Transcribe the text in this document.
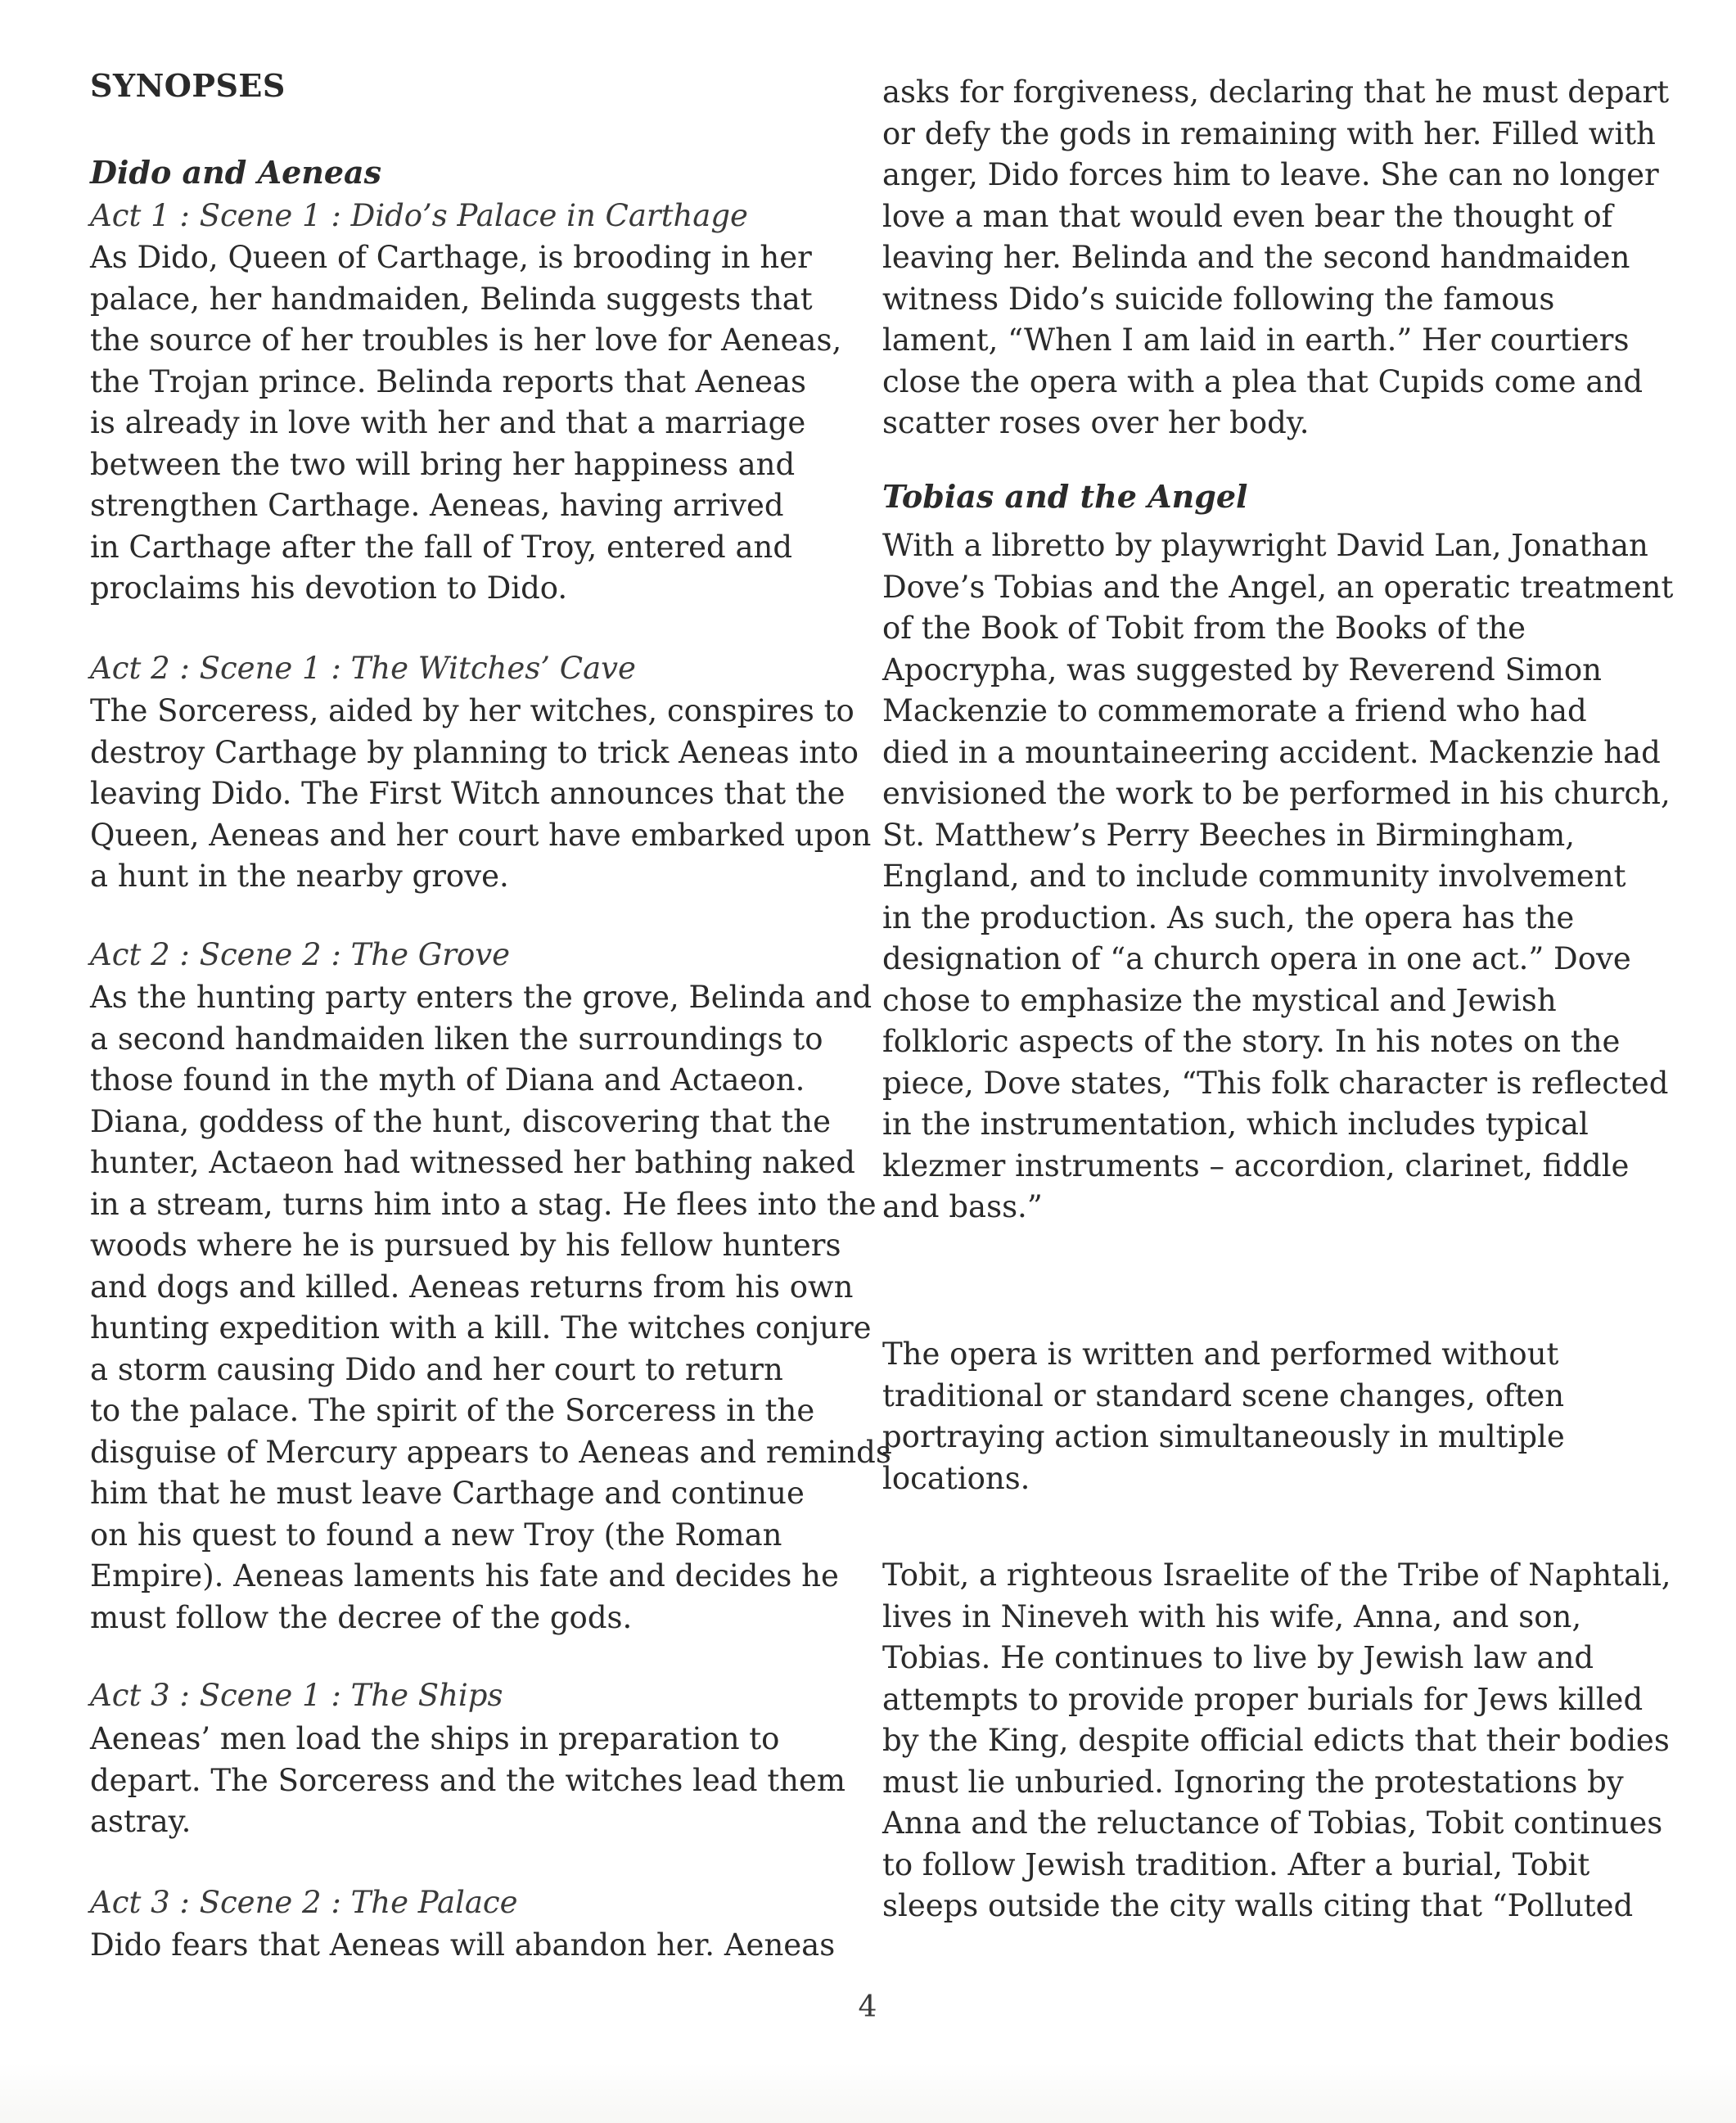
SYNOPSES
Dido and Aeneas
Act 1 : Scene 1 : Dido’s Palace in Carthage
As Dido, Queen of Carthage, is brooding in her
palace, her handmaiden, Belinda suggests that
the source of her troubles is her love for Aeneas,
the Trojan prince. Belinda reports that Aeneas
is already in love with her and that a marriage
between the two will bring her happiness and
strengthen Carthage. Aeneas, having arrived
in Carthage after the fall of Troy, entered and
proclaims his devotion to Dido.
Act 2 : Scene 1 : The Witches’ Cave
The Sorceress, aided by her witches, conspires to
destroy Carthage by planning to trick Aeneas into
leaving Dido. The First Witch announces that the
Queen, Aeneas and her court have embarked upon
a hunt in the nearby grove.
Act 2 : Scene 2 : The Grove
As the hunting party enters the grove, Belinda and
a second handmaiden liken the surroundings to
those found in the myth of Diana and Actaeon.
Diana, goddess of the hunt, discovering that the
hunter, Actaeon had witnessed her bathing naked
in a stream, turns him into a stag. He flees into the
woods where he is pursued by his fellow hunters
and dogs and killed. Aeneas returns from his own
hunting expedition with a kill. The witches conjure
a storm causing Dido and her court to return
to the palace. The spirit of the Sorceress in the
disguise of Mercury appears to Aeneas and reminds
him that he must leave Carthage and continue
on his quest to found a new Troy (the Roman
Empire). Aeneas laments his fate and decides he
must follow the decree of the gods.
Act 3 : Scene 1 : The Ships
Aeneas’ men load the ships in preparation to
depart. The Sorceress and the witches lead them
astray.
Act 3 : Scene 2 : The Palace
Dido fears that Aeneas will abandon her. Aeneas
asks for forgiveness, declaring that he must depart
or defy the gods in remaining with her. Filled with
anger, Dido forces him to leave. She can no longer
love a man that would even bear the thought of
leaving her. Belinda and the second handmaiden
witness Dido’s suicide following the famous
lament, “When I am laid in earth.” Her courtiers
close the opera with a plea that Cupids come and
scatter roses over her body.
Tobias and the Angel
With a libretto by playwright David Lan, Jonathan
Dove’s Tobias and the Angel, an operatic treatment
of the Book of Tobit from the Books of the
Apocrypha, was suggested by Reverend Simon
Mackenzie to commemorate a friend who had
died in a mountaineering accident. Mackenzie had
envisioned the work to be performed in his church,
St. Matthew’s Perry Beeches in Birmingham,
England, and to include community involvement
in the production. As such, the opera has the
designation of “a church opera in one act.” Dove
chose to emphasize the mystical and Jewish
folkloric aspects of the story. In his notes on the
piece, Dove states, “This folk character is reflected
in the instrumentation, which includes typical
klezmer instruments – accordion, clarinet, fiddle
and bass.”
The opera is written and performed without
traditional or standard scene changes, often
portraying action simultaneously in multiple
locations.
Tobit, a righteous Israelite of the Tribe of Naphtali,
lives in Nineveh with his wife, Anna, and son,
Tobias. He continues to live by Jewish law and
attempts to provide proper burials for Jews killed
by the King, despite official edicts that their bodies
must lie unburied. Ignoring the protestations by
Anna and the reluctance of Tobias, Tobit continues
to follow Jewish tradition. After a burial, Tobit
sleeps outside the city walls citing that “Polluted
4
